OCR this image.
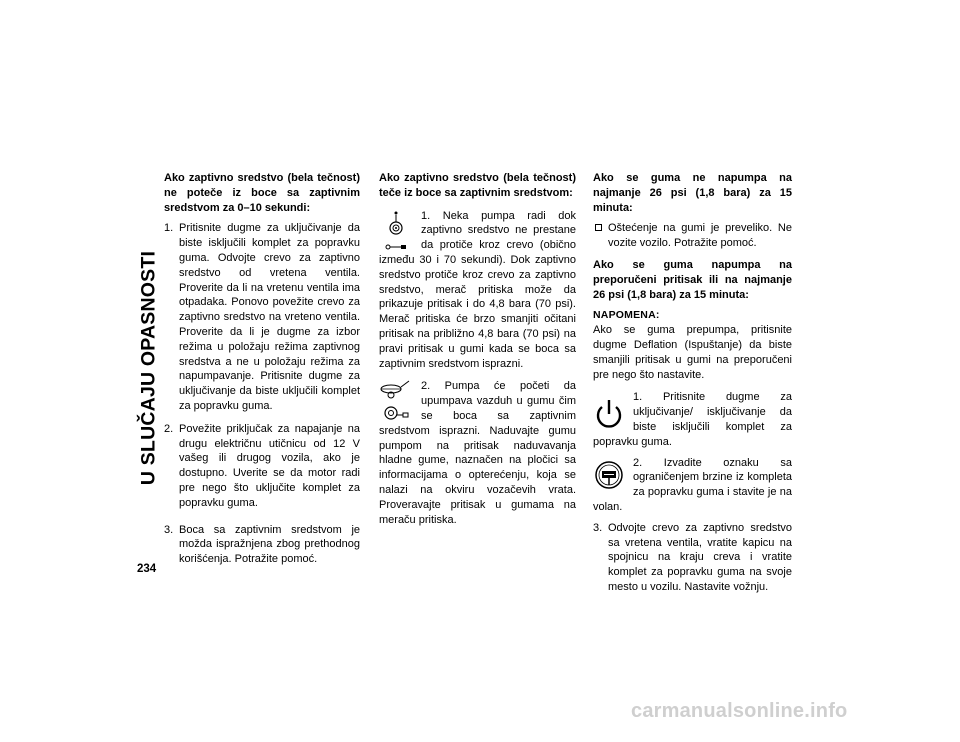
U SLUČAJU OPASNOSTI
Ako zaptivno sredstvo (bela tečnost) ne poteče iz boce sa zaptivnim sredstvom za 0–10 sekundi:
1. Pritisnite dugme za uključivanje da biste isključili komplet za popravku guma. Odvojte crevo za zaptivno sredstvo od vretena ventila. Proverite da li na vretenu ventila ima otpadaka. Ponovo povežite crevo za zaptivno sredstvo na vreteno ventila. Proverite da li je dugme za izbor režima u položaju režima zaptivnog sredstva a ne u položaju režima za napumpavanje. Pritisnite dugme za uključivanje da biste uključili komplet za popravku guma.
2. Povežite priključak za napajanje na drugu električnu utičnicu od 12 V vašeg ili drugog vozila, ako je dostupno. Uverite se da motor radi pre nego što uključite komplet za popravku guma.
3. Boca sa zaptivnim sredstvom je možda ispražnjena zbog prethodnog korišćenja. Potražite pomoć.
Ako zaptivno sredstvo (bela tečnost) teče iz boce sa zaptivnim sredstvom:

1. Neka pumpa radi dok zaptivno sredstvo ne prestane da protiče kroz crevo (obično između 30 i 70 sekundi). Dok zaptivno sredstvo protiče kroz crevo za zaptivno sredstvo, merač pritiska može da prikazuje pritisak i do 4,8 bara (70 psi). Merač pritiska će brzo smanjiti očitani pritisak na približno 4,8 bara (70 psi) na pravi pritisak u gumi kada se boca sa zaptivnim sredstvom isprazni.

2. Pumpa će početi da upumpava vazduh u gumu čim se boca sa zaptivnim sredstvom isprazni. Naduvajte gumu pumpom na pritisak naduvavanja hladne gume, naznačen na pločici sa informacijama o opterećenju, koja se nalazi na okviru vozačevih vrata. Proveravajte pritisak u gumama na meraču pritiska.

Ako se guma ne napumpa na najmanje 26 psi (1,8 bara) za 15 minuta:
Oštećenje na gumi je preveliko. Ne vozite vozilo. Potražite pomoć.
Ako se guma napumpa na preporučeni pritisak ili na najmanje 26 psi (1,8 bara) za 15 minuta:
NAPOMENA:

Ako se guma prepumpa, pritisnite dugme Deflation (Ispuštanje) da biste smanjili pritisak u gumi na preporučeni pre nego što nastavite.

1. Pritisnite dugme za uključivanje/ isključivanje da biste isključili komplet za popravku guma.
2. Izvadite oznaku sa ograničenjem brzine iz kompleta za popravku guma i stavite je na volan.
3. Odvojte crevo za zaptivno sredstvo sa vretena ventila, vratite kapicu na spojnicu na kraju creva i vratite komplet za popravku guma na svoje mesto u vozilu. Nastavite vožnju.
234
carmanualsonline.info
